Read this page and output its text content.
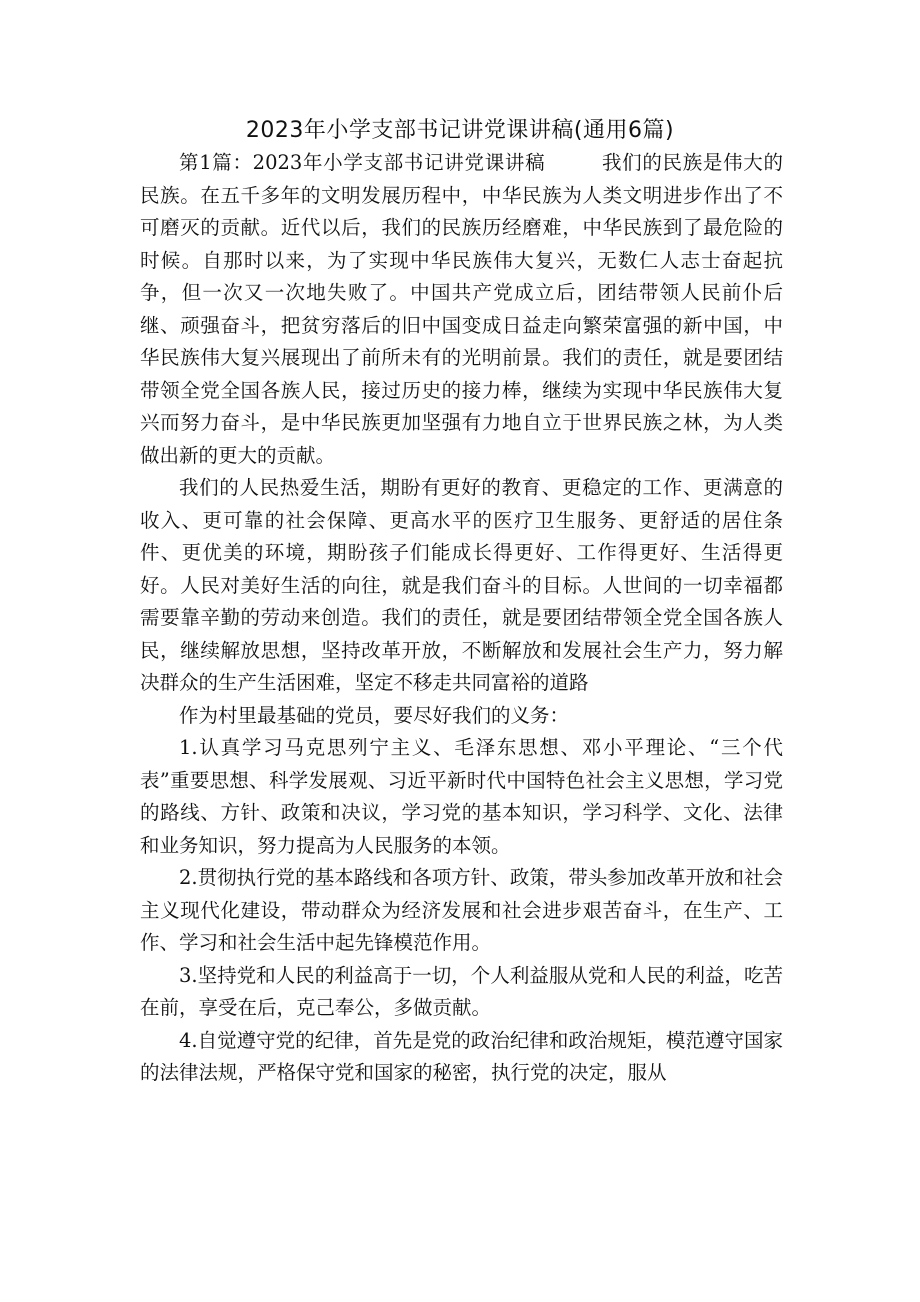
2023年小学支部书记讲党课讲稿(通用6篇)

第1篇：2023年小学支部书记讲党课讲稿	我们的民族是伟大的民族。在五千多年的文明发展历程中，中华民族为人类文明进步作出了不可磨灭的贡献。近代以后，我们的民族历经磨难，中华民族到了最危险的时候。自那时以来，为了实现中华民族伟大复兴，无数仁人志士奋起抗争，但一次又一次地失败了。中国共产党成立后，团结带领人民前仆后继、顽强奋斗，把贫穷落后的旧中国变成日益走向繁荣富强的新中国，中华民族伟大复兴展现出了前所未有的光明前景。我们的责任，就是要团结带领全党全国各族人民，接过历史的接力棒，继续为实现中华民族伟大复兴而努力奋斗，是中华民族更加坚强有力地自立于世界民族之林，为人类做出新的更大的贡献。

我们的人民热爱生活，期盼有更好的教育、更稳定的工作、更满意的收入、更可靠的社会保障、更高水平的医疗卫生服务、更舒适的居住条件、更优美的环境，期盼孩子们能成长得更好、工作得更好、生活得更好。人民对美好生活的向往，就是我们奋斗的目标。人世间的一切幸福都需要靠辛勤的劳动来创造。我们的责任，就是要团结带领全党全国各族人民，继续解放思想，坚持改革开放，不断解放和发展社会生产力，努力解决群众的生产生活困难，坚定不移走共同富裕的道路

作为村里最基础的党员，要尽好我们的义务：

1.认真学习马克思列宁主义、毛泽东思想、邓小平理论、“三个代表”重要思想、科学发展观、习近平新时代中国特色社会主义思想，学习党的路线、方针、政策和决议，学习党的基本知识，学习科学、文化、法律和业务知识，努力提高为人民服务的本领。

2.贯彻执行党的基本路线和各项方针、政策，带头参加改革开放和社会主义现代化建设，带动群众为经济发展和社会进步艰苦奋斗，在生产、工作、学习和社会生活中起先锋模范作用。

3.坚持党和人民的利益高于一切，个人利益服从党和人民的利益，吃苦在前，享受在后，克己奉公，多做贡献。

4.自觉遵守党的纪律，首先是党的政治纪律和政治规矩，模范遵守国家的法律法规，严格保守党和国家的秘密，执行党的决定，服从
